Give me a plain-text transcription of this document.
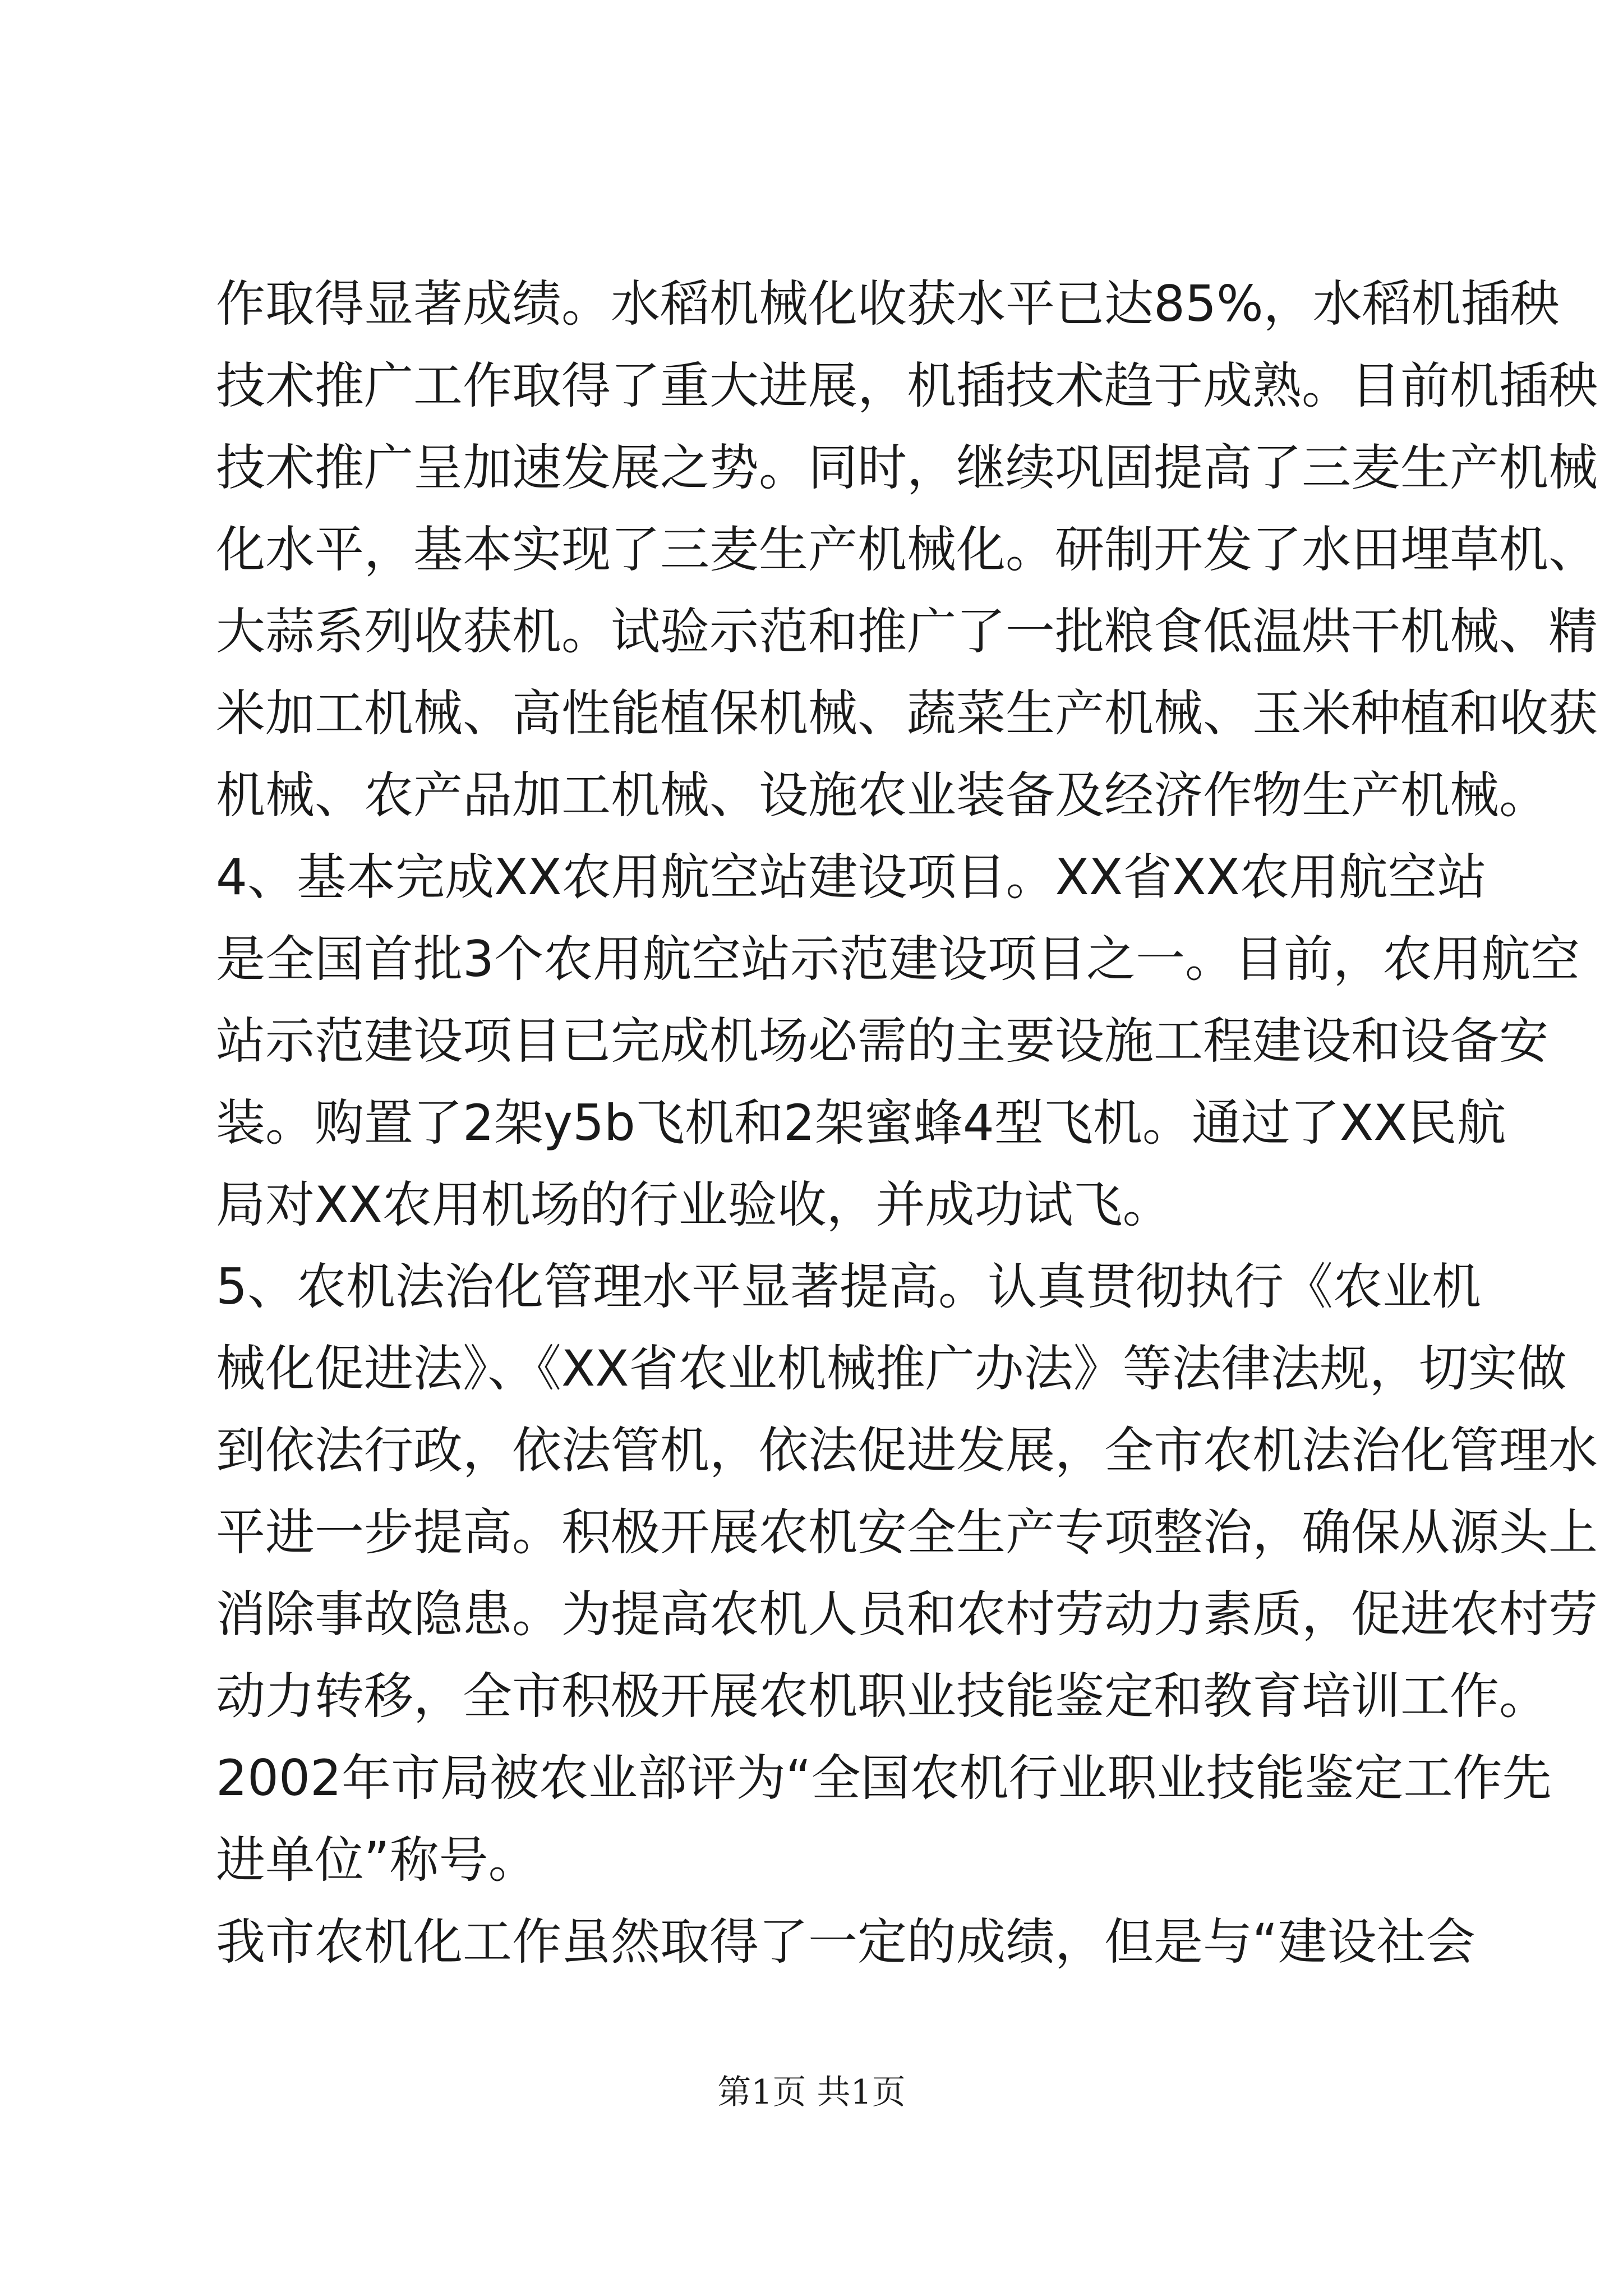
作取得显著成绩。水稻机械化收获水平已达85%，水稻机插秧
技术推广工作取得了重大进展，机插技术趋于成熟。目前机插秧
技术推广呈加速发展之势。同时，继续巩固提高了三麦生产机械
化水平，基本实现了三麦生产机械化。研制开发了水田埋草机、
大蒜系列收获机。试验示范和推广了一批粮食低温烘干机械、精
米加工机械、高性能植保机械、蔬菜生产机械、玉米种植和收获
机械、农产品加工机械、设施农业装备及经济作物生产机械。
4、基本完成XX农用航空站建设项目。XX省XX农用航空站
是全国首批3个农用航空站示范建设项目之一。目前，农用航空
站示范建设项目已完成机场必需的主要设施工程建设和设备安
装。购置了2架y5b飞机和2架蜜蜂4型飞机。通过了XX民航
局对XX农用机场的行业验收，并成功试飞。
5、农机法治化管理水平显著提高。认真贯彻执行《农业机
械化促进法》、《XX省农业机械推广办法》等法律法规，切实做
到依法行政，依法管机，依法促进发展，全市农机法治化管理水
平进一步提高。积极开展农机安全生产专项整治，确保从源头上
消除事故隐患。为提高农机人员和农村劳动力素质，促进农村劳
动力转移，全市积极开展农机职业技能鉴定和教育培训工作。
2002年市局被农业部评为“全国农机行业职业技能鉴定工作先
进单位”称号。
我市农机化工作虽然取得了一定的成绩，但是与“建设社会
第1页 共1页
